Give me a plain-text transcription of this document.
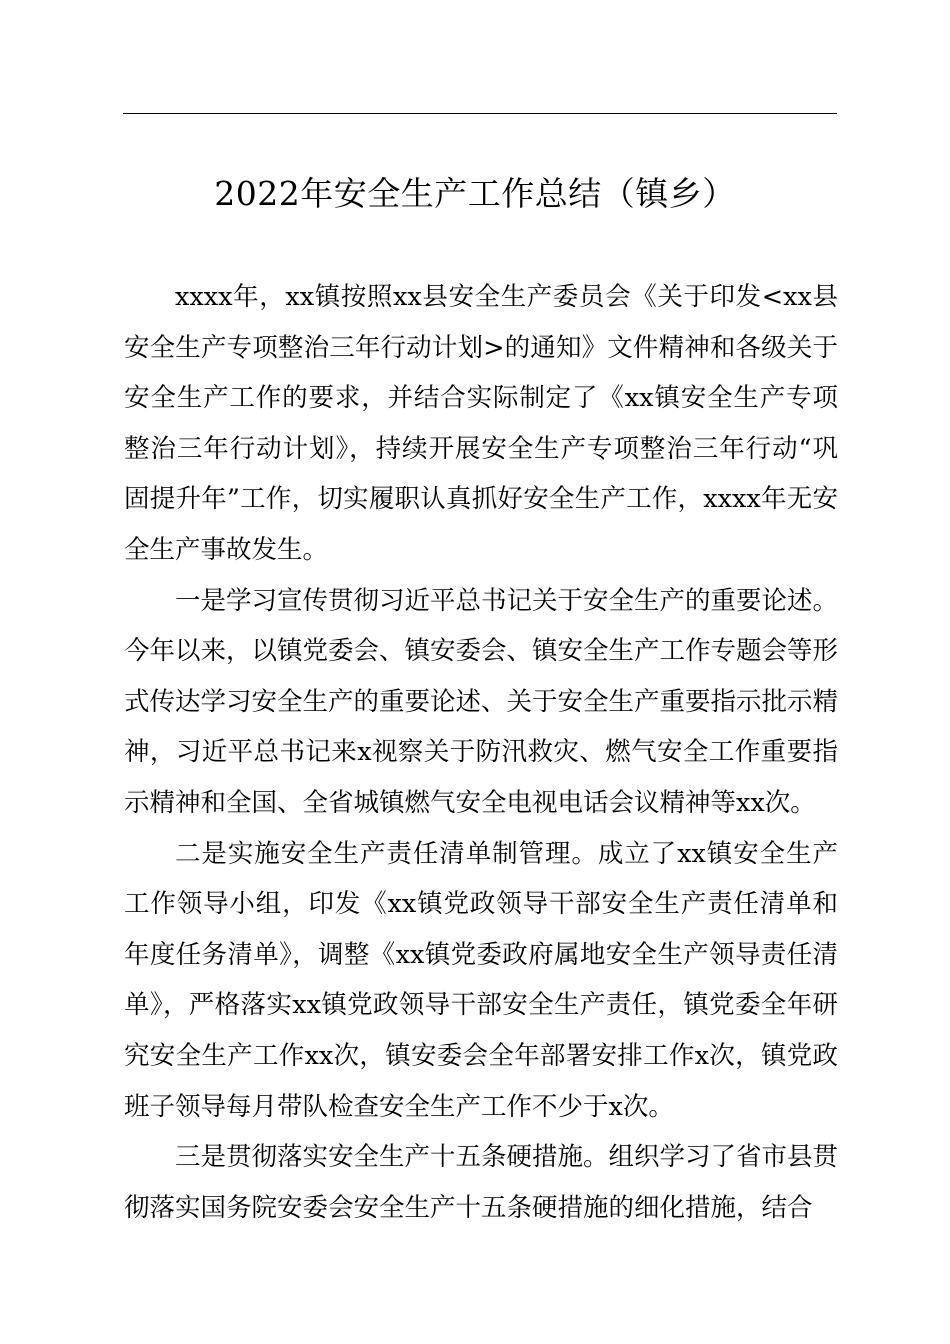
2022年安全生产工作总结（镇乡）

xxxx年，xx镇按照xx县安全生产委员会《关于印发<xx县安全生产专项整治三年行动计划>的通知》文件精神和各级关于安全生产工作的要求，并结合实际制定了《xx镇安全生产专项整治三年行动计划》，持续开展安全生产专项整治三年行动“巩固提升年”工作，切实履职认真抓好安全生产工作，xxxx年无安全生产事故发生。

一是学习宣传贯彻习近平总书记关于安全生产的重要论述。今年以来，以镇党委会、镇安委会、镇安全生产工作专题会等形式传达学习安全生产的重要论述、关于安全生产重要指示批示精神，习近平总书记来x视察关于防汛救灾、燃气安全工作重要指示精神和全国、全省城镇燃气安全电视电话会议精神等xx次。

二是实施安全生产责任清单制管理。成立了xx镇安全生产工作领导小组，印发《xx镇党政领导干部安全生产责任清单和年度任务清单》，调整《xx镇党委政府属地安全生产领导责任清单》，严格落实xx镇党政领导干部安全生产责任，镇党委全年研究安全生产工作xx次，镇安委会全年部署安排工作x次，镇党政班子领导每月带队检查安全生产工作不少于x次。

三是贯彻落实安全生产十五条硬措施。组织学习了省市县贯彻落实国务院安委会安全生产十五条硬措施的细化措施，结合
